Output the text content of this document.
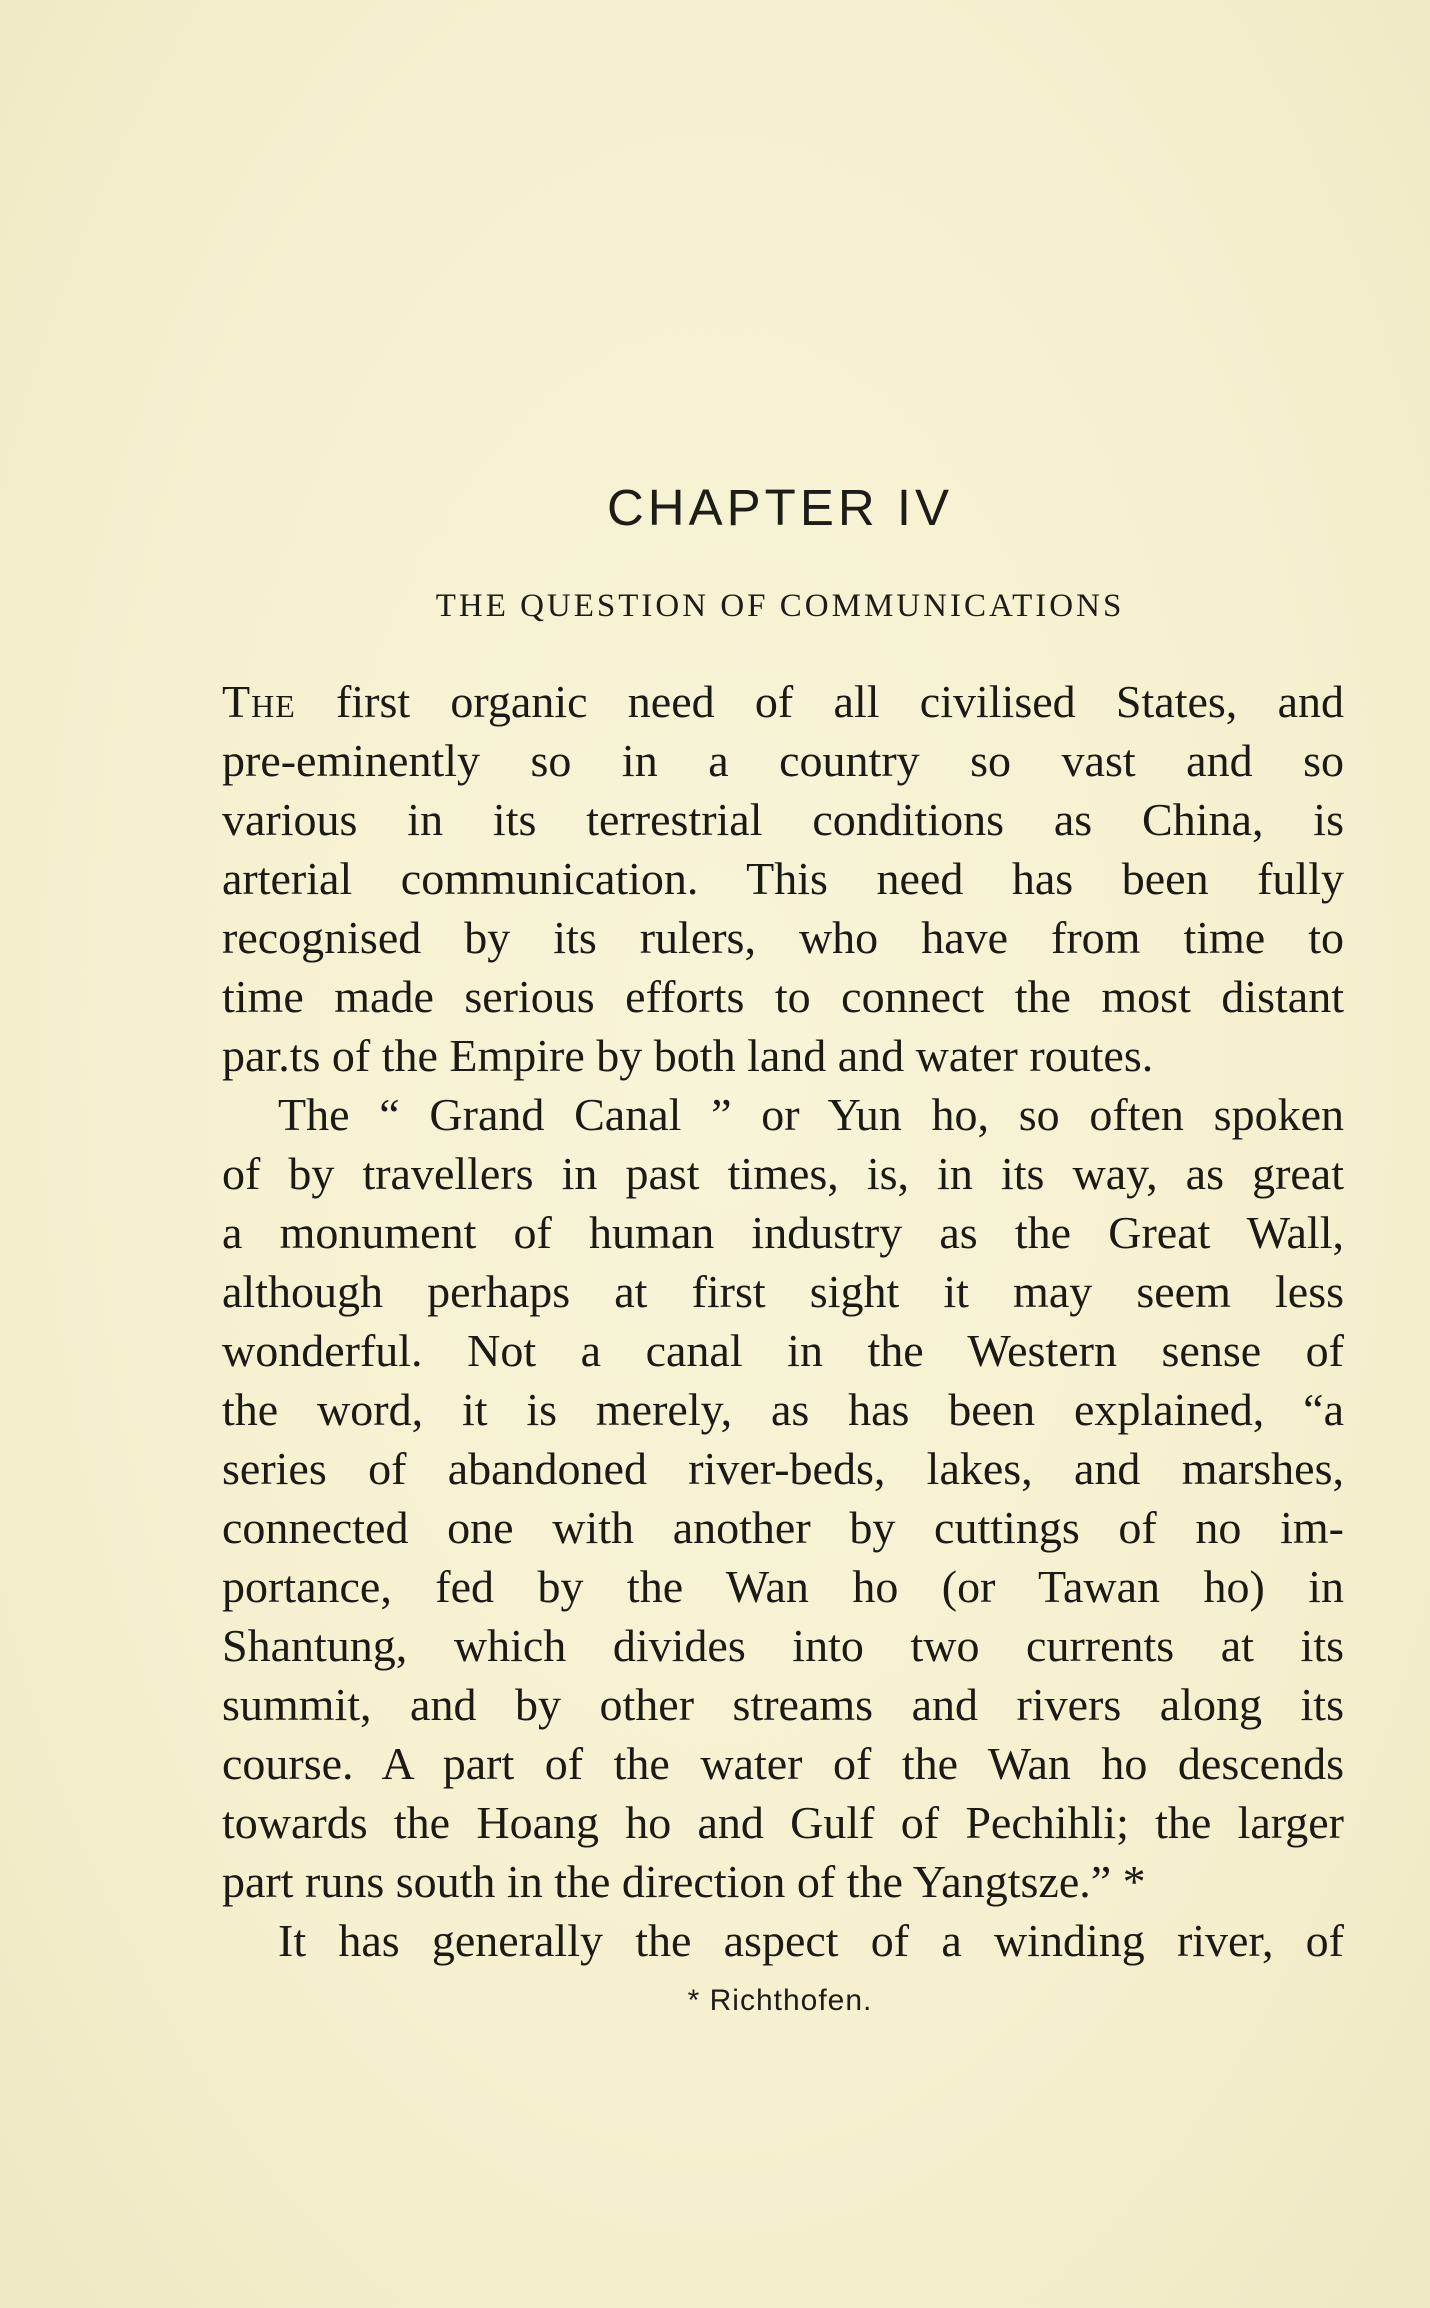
CHAPTER IV
THE QUESTION OF COMMUNICATIONS
The first organic need of all civilised States, and
pre-eminently so in a country so vast and so
various in its terrestrial conditions as China, is
arterial communication. This need has been fully
recognised by its rulers, who have from time to
time made serious efforts to connect the most distant
par.ts of the Empire by both land and water routes.
The “ Grand Canal ” or Yun ho, so often spoken
of by travellers in past times, is, in its way, as great
a monument of human industry as the Great Wall,
although perhaps at first sight it may seem less
wonderful. Not a canal in the Western sense of
the word, it is merely, as has been explained, “a
series of abandoned river-beds, lakes, and marshes,
connected one with another by cuttings of no im-
portance, fed by the Wan ho (or Tawan ho) in
Shantung, which divides into two currents at its
summit, and by other streams and rivers along its
course. A part of the water of the Wan ho descends
towards the Hoang ho and Gulf of Pechihli; the larger
part runs south in the direction of the Yangtsze.” *
It has generally the aspect of a winding river, of
* Richthofen.
